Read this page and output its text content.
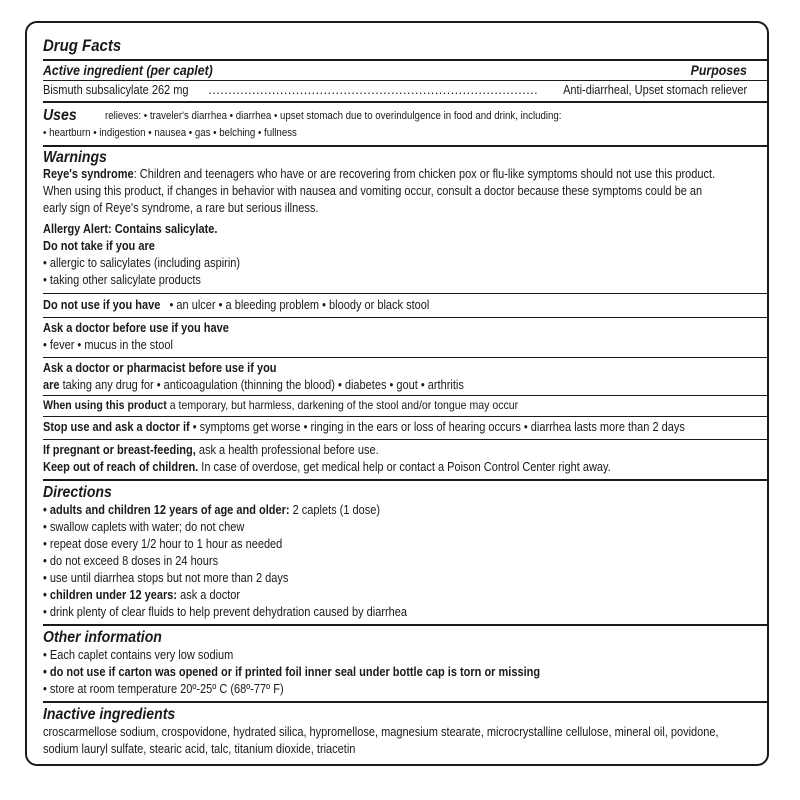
Drug Facts
Active ingredient (per caplet)	Purposes
Bismuth subsalicylate 262 mg
.....	Anti-diarrheal, Upset stomach reliever
Uses	relieves: • traveler's diarrhea • diarrhea • upset stomach due to overindulgence in food and drink, including:

• heartburn • indigestion • nausea • gas • belching • fullness

Warnings

Reye's syndrome: Children and teenagers who have or are recovering from chicken pox or flu-like symptoms should not use this product.

When using this product, if changes in behavior with nausea and vomiting occur, consult a doctor because these symptoms could be an

early sign of Reye's syndrome, a rare but serious illness.

Allergy Alert: Contains salicylate.

Do not take if you are

• allergic to salicylates (including aspirin)

• taking other salicylate products

Do not use if you have • an ulcer • a bleeding problem • bloody or black stool

Ask a doctor before use if you have

• fever • mucus in the stool

Ask a doctor or pharmacist before use if you

are taking any drug for • anticoagulation (thinning the blood) • diabetes • gout • arthritis

When using this product a temporary, but harmless, darkening of the stool and/or tongue may occur

Stop use and ask a doctor if • symptoms get worse • ringing in the ears or loss of hearing occurs • diarrhea lasts more than 2 days

If pregnant or breast-feeding, ask a health professional before use.

Keep out of reach of children. In case of overdose, get medical help or contact a Poison Control Center right away.

Directions

• adults and children 12 years of age and older: 2 caplets (1 dose)

• swallow caplets with water; do not chew

• repeat dose every 1/2 hour to 1 hour as needed

• do not exceed 8 doses in 24 hours

• use until diarrhea stops but not more than 2 days

• children under 12 years: ask a doctor

• drink plenty of clear fluids to help prevent dehydration caused by diarrhea

Other information

• Each caplet contains very low sodium

• do not use if carton was opened or if printed foil inner seal under bottle cap is torn or missing

• store at room temperature 20º-25º C (68º-77º F)

Inactive ingredients

croscarmellose sodium, crospovidone, hydrated silica, hypromellose, magnesium stearate, microcrystalline cellulose, mineral oil, povidone,

sodium lauryl sulfate, stearic acid, talc, titanium dioxide, triacetin
